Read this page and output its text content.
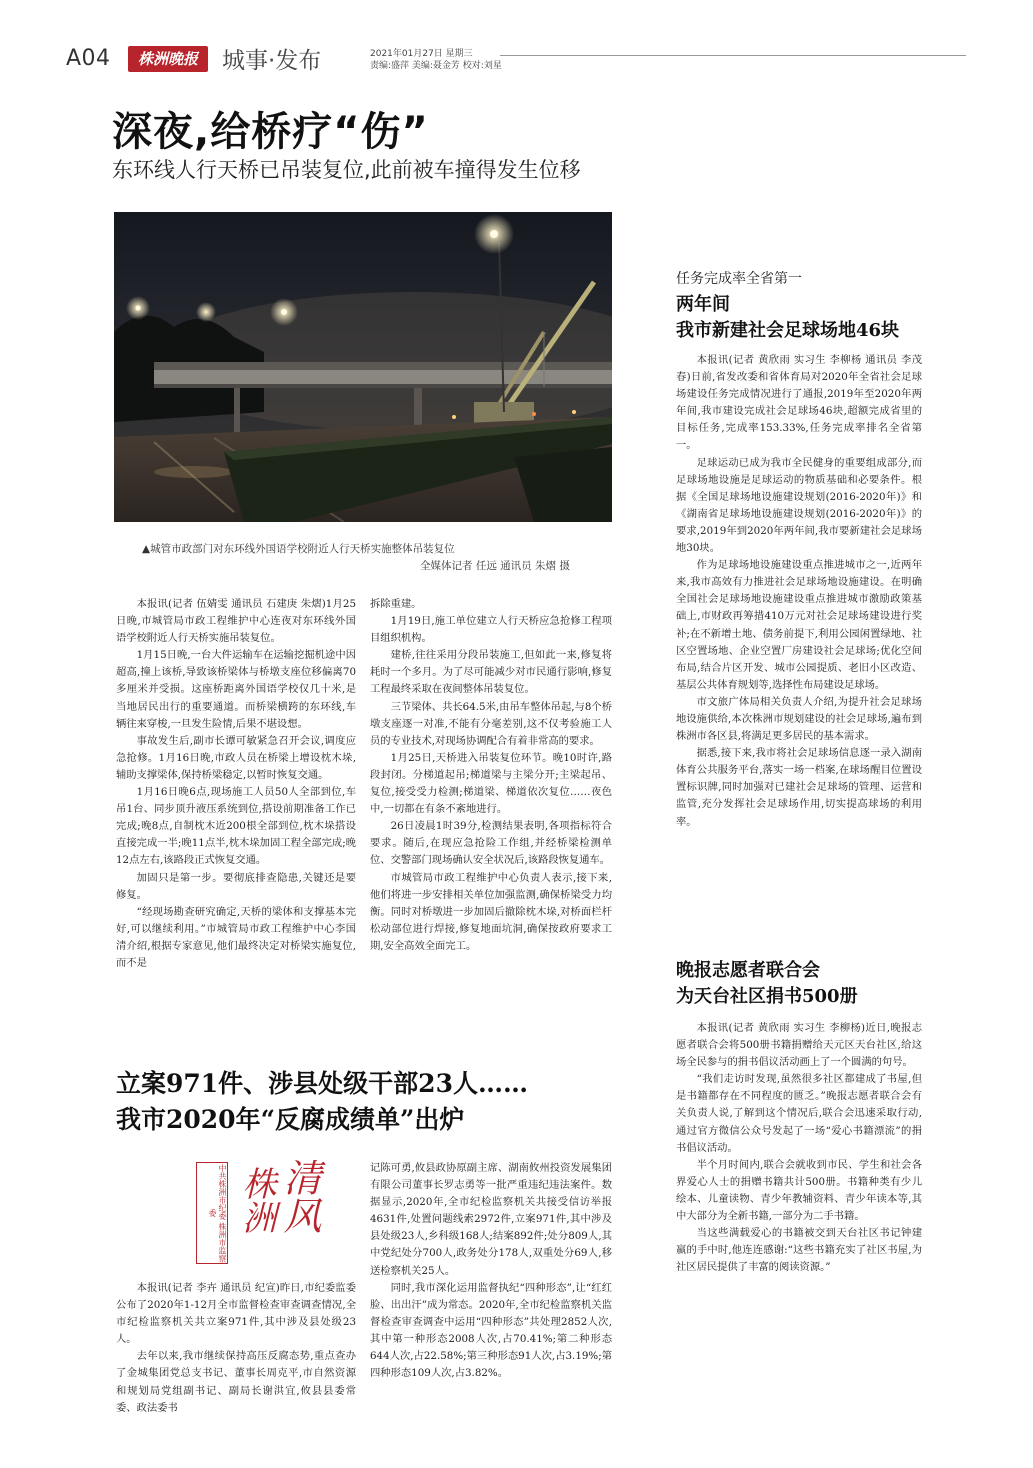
A04	株洲晚报	城事·发布	2021年01月27日 星期三
责编:盛萍 美编:聂金芳 校对:刘星
深夜,给桥疗“伤”
东环线人行天桥已吊装复位,此前被车撞得发生位移
▲城管市政部门对东环线外国语学校附近人行天桥实施整体吊装复位
全媒体记者 任远 通讯员 朱熠 摄

本报讯(记者 伍婧雯 通讯员 石建庚 朱熠)1月25日晚,市城管局市政工程维护中心连夜对东环线外国语学校附近人行天桥实施吊装复位。

1月15日晚,一台大件运输车在运输挖掘机途中因超高,撞上该桥,导致该桥梁体与桥墩支座位移偏离70多厘米并受损。这座桥距离外国语学校仅几十米,是当地居民出行的重要通道。而桥梁横跨的东环线,车辆往来穿梭,一旦发生险情,后果不堪设想。

事故发生后,副市长谭可敏紧急召开会议,调度应急抢修。1月16日晚,市政人员在桥梁上增设枕木垛,辅助支撑梁体,保持桥梁稳定,以暂时恢复交通。

1月16日晚6点,现场施工人员50人全部到位,车吊1台、同步顶升液压系统到位,搭设前期准备工作已完成;晚8点,自制枕木近200根全部到位,枕木垛搭设直接完成一半;晚11点半,枕木垛加固工程全部完成;晚12点左右,该路段正式恢复交通。

加固只是第一步。要彻底排查隐患,关键还是要修复。

“经现场勘查研究确定,天桥的梁体和支撑基本完好,可以继续利用。”市城管局市政工程维护中心李国清介绍,根据专家意见,他们最终决定对桥梁实施复位,而不是

拆除重建。

1月19日,施工单位建立人行天桥应急抢修工程项目组织机构。

建桥,往往采用分段吊装施工,但如此一来,修复将耗时一个多月。为了尽可能减少对市民通行影响,修复工程最终采取在夜间整体吊装复位。

三节梁体、共长64.5米,由吊车整体吊起,与8个桥墩支座逐一对准,不能有分毫差别,这不仅考验施工人员的专业技术,对现场协调配合有着非常高的要求。

1月25日,天桥进入吊装复位环节。晚10时许,路段封闭。分梯道起吊;梯道梁与主梁分开;主梁起吊、复位,接受受力检测;梯道梁、梯道依次复位……夜色中,一切都在有条不紊地进行。

26日凌晨1时39分,检测结果表明,各项指标符合要求。随后,在现应急抢险工作组,并经桥梁检测单位、交警部门现场确认安全状况后,该路段恢复通车。

市城管局市政工程维护中心负责人表示,接下来,他们将进一步安排相关单位加强监测,确保桥梁受力均衡。同时对桥墩进一步加固后撤除枕木垛,对桥面栏杆松动部位进行焊接,修复地面坑洞,确保按政府要求工期,安全高效全面完工。

任务完成率全省第一
两年间
我市新建社会足球场地46块

本报讯(记者 黄欣雨 实习生 李柳杨 通讯员 李茂春)日前,省发改委和省体育局对2020年全省社会足球场建设任务完成情况进行了通报,2019年至2020年两年间,我市建设完成社会足球场46块,超额完成省里的目标任务,完成率153.33%,任务完成率排名全省第一。

足球运动已成为我市全民健身的重要组成部分,而足球场地设施是足球运动的物质基础和必要条件。根据《全国足球场地设施建设规划(2016-2020年)》和《湖南省足球场地设施建设规划(2016-2020年)》的要求,2019年到2020年两年间,我市要新建社会足球场地30块。

作为足球场地设施建设重点推进城市之一,近两年来,我市高效有力推进社会足球场地设施建设。在明确全国社会足球场地设施建设重点推进城市激励政策基础上,市财政再筹措410万元对社会足球场建设进行奖补;在不新增土地、债务前提下,利用公园闲置绿地、社区空置场地、企业空置厂房建设社会足球场;优化空间布局,结合片区开发、城市公园提质、老旧小区改造、基层公共体育规划等,选择性布局建设足球场。

市文旅广体局相关负责人介绍,为提升社会足球场地设施供给,本次株洲市规划建设的社会足球场,遍布到株洲市各区县,将满足更多居民的基本需求。

据悉,接下来,我市将社会足球场信息逐一录入湖南体育公共服务平台,落实一场一档案,在球场醒目位置设置标识牌,同时加强对已建社会足球场的管理、运营和监管,充分发挥社会足球场作用,切实提高球场的利用率。

晚报志愿者联合会
为天台社区捐书500册

本报讯(记者 黄欣雨 实习生 李柳杨)近日,晚报志愿者联合会将500册书籍捐赠给天元区天台社区,给这场全民参与的捐书倡议活动画上了一个圆满的句号。

“我们走访时发现,虽然很多社区都建成了书屋,但是书籍都存在不同程度的匮乏。”晚报志愿者联合会有关负责人说,了解到这个情况后,联合会迅速采取行动,通过官方微信公众号发起了一场“爱心书籍漂流”的捐书倡议活动。

半个月时间内,联合会就收到市民、学生和社会各界爱心人士的捐赠书籍共计500册。书籍种类有少儿绘本、儿童读物、青少年教辅资料、青少年读本等,其中大部分为全新书籍,一部分为二手书籍。

当这些满载爱心的书籍被交到天台社区书记钟建嬴的手中时,他连连感谢:“这些书籍充实了社区书屋,为社区居民提供了丰富的阅读资源。”

立案971件、涉县处级干部23人……
我市2020年“反腐成绩单”出炉
中共株洲市纪委 株洲市监察委 株洲 清风

本报讯(记者 李卉 通讯员 纪宣)昨日,市纪委监委公布了2020年1-12月全市监督检查审查调查情况,全市纪检监察机关共立案971件,其中涉及县处级23人。

去年以来,我市继续保持高压反腐态势,重点查办了金城集团党总支书记、董事长周克平,市自然资源和规划局党组副书记、副局长谢洪宜,攸县县委常委、政法委书

记陈可勇,攸县政协原副主席、湖南攸州投资发展集团有限公司董事长罗志勇等一批严重违纪违法案件。数据显示,2020年,全市纪检监察机关共接受信访举报4631件,处置问题线索2972件,立案971件,其中涉及县处级23人,乡科级168人;结案892件;处分809人,其中党纪处分700人,政务处分178人,双重处分69人,移送检察机关25人。

同时,我市深化运用监督执纪“四种形态”,让“红红脸、出出汗”成为常态。2020年,全市纪检监察机关监督检查审查调查中运用“四种形态”共处理2852人次,其中第一种形态2008人次,占70.41%;第二种形态644人次,占22.58%;第三种形态91人次,占3.19%;第四种形态109人次,占3.82%。
